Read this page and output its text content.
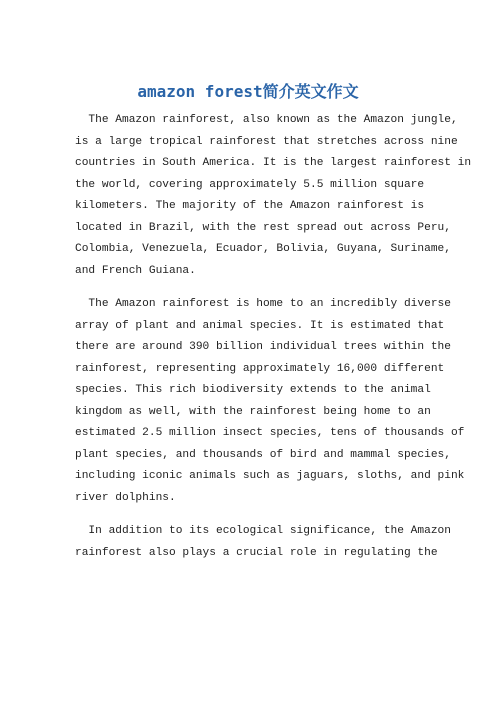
amazon forest简介英文作文

The Amazon rainforest, also known as the Amazon jungle,
is a large tropical rainforest that stretches across nine
countries in South America. It is the largest rainforest in
the world, covering approximately 5.5 million square
kilometers. The majority of the Amazon rainforest is
located in Brazil, with the rest spread out across Peru,
Colombia, Venezuela, Ecuador, Bolivia, Guyana, Suriname,
and French Guiana.

The Amazon rainforest is home to an incredibly diverse
array of plant and animal species. It is estimated that
there are around 390 billion individual trees within the
rainforest, representing approximately 16,000 different
species. This rich biodiversity extends to the animal
kingdom as well, with the rainforest being home to an
estimated 2.5 million insect species, tens of thousands of
plant species, and thousands of bird and mammal species,
including iconic animals such as jaguars, sloths, and pink
river dolphins.

In addition to its ecological significance, the Amazon
rainforest also plays a crucial role in regulating the
